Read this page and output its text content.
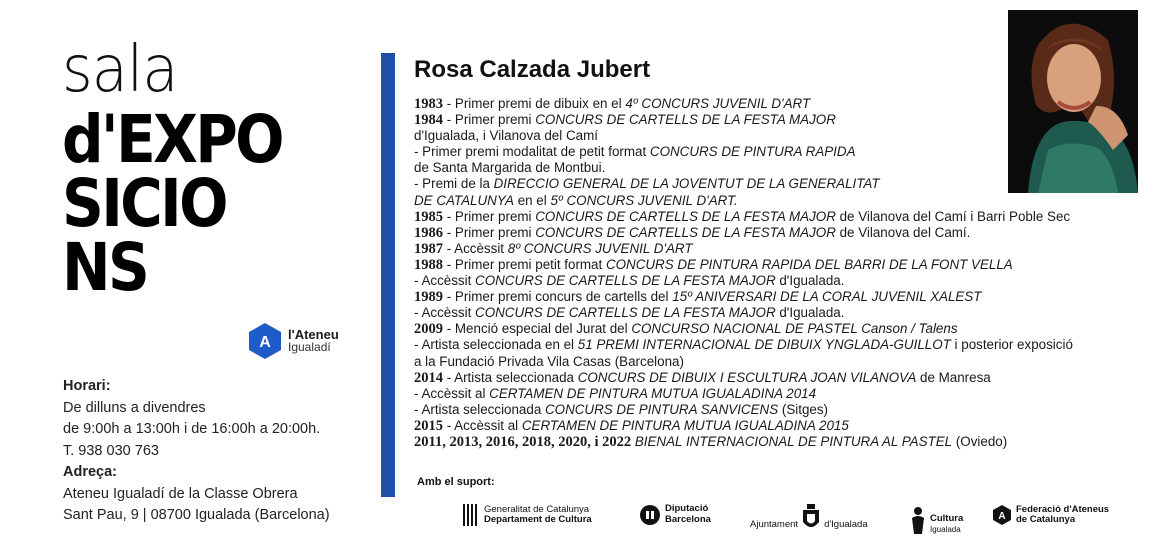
sala
d'EXPO
SICIO
NS
A l'Ateneu
Igualadí
Horari:
De dilluns a divendres
de 9:00h a 13:00h i de 16:00h a 20:00h.
T. 938 030 763
Adreça:
Ateneu Igualadí de la Classe Obrera
Sant Pau, 9 | 08700 Igualada (Barcelona)
Rosa Calzada Jubert
1983 - Primer premi de dibuix en el 4º CONCURS JUVENIL D'ART
1984 - Primer premi CONCURS DE CARTELLS DE LA FESTA MAJOR
d'Igualada, i Vilanova del Camí
- Primer premi modalitat de petit format CONCURS DE PINTURA RAPIDA
de Santa Margarida de Montbui.
- Premi de la DIRECCIO GENERAL DE LA JOVENTUT DE LA GENERALITAT
DE CATALUNYA en el 5º CONCURS JUVENIL D'ART.
1985 - Primer premi CONCURS DE CARTELLS DE LA FESTA MAJOR de Vilanova del Camí i Barri Poble Sec
1986 - Primer premi CONCURS DE CARTELLS DE LA FESTA MAJOR de Vilanova del Camí.
1987 - Accèssit 8º CONCURS JUVENIL D'ART
1988 - Primer premi petit format CONCURS DE PINTURA RAPIDA DEL BARRI DE LA FONT VELLA
- Accèssit CONCURS DE CARTELLS DE LA FESTA MAJOR d'Igualada.
1989 - Primer premi concurs de cartells del 15º ANIVERSARI DE LA CORAL JUVENIL XALEST
- Accèssit CONCURS DE CARTELLS DE LA FESTA MAJOR d'Igualada.
2009 - Menció especial del Jurat del CONCURSO NACIONAL DE PASTEL Canson / Talens
- Artista seleccionada en el 51 PREMI INTERNACIONAL DE DIBUIX YNGLADA-GUILLOT i posterior exposició
a la Fundació Privada Vila Casas (Barcelona)
2014 - Artista seleccionada CONCURS DE DIBUIX I ESCULTURA JOAN VILANOVA de Manresa
- Accèssit al CERTAMEN DE PINTURA MUTUA IGUALADINA 2014
- Artista seleccionada CONCURS DE PINTURA SANVICENS (Sitges)
2015 - Accèssit al CERTAMEN DE PINTURA MUTUA IGUALADINA 2015
2011, 2013, 2016, 2018, 2020, i 2022 BIENAL INTERNACIONAL DE PINTURA AL PASTEL (Oviedo)
Amb el suport:
Generalitat de Catalunya
Departament de Cultura
Diputació
Barcelona	Ajuntament	d'Igualada
Cultura
Igualada
A
Federació d'Ateneus
de Catalunya
